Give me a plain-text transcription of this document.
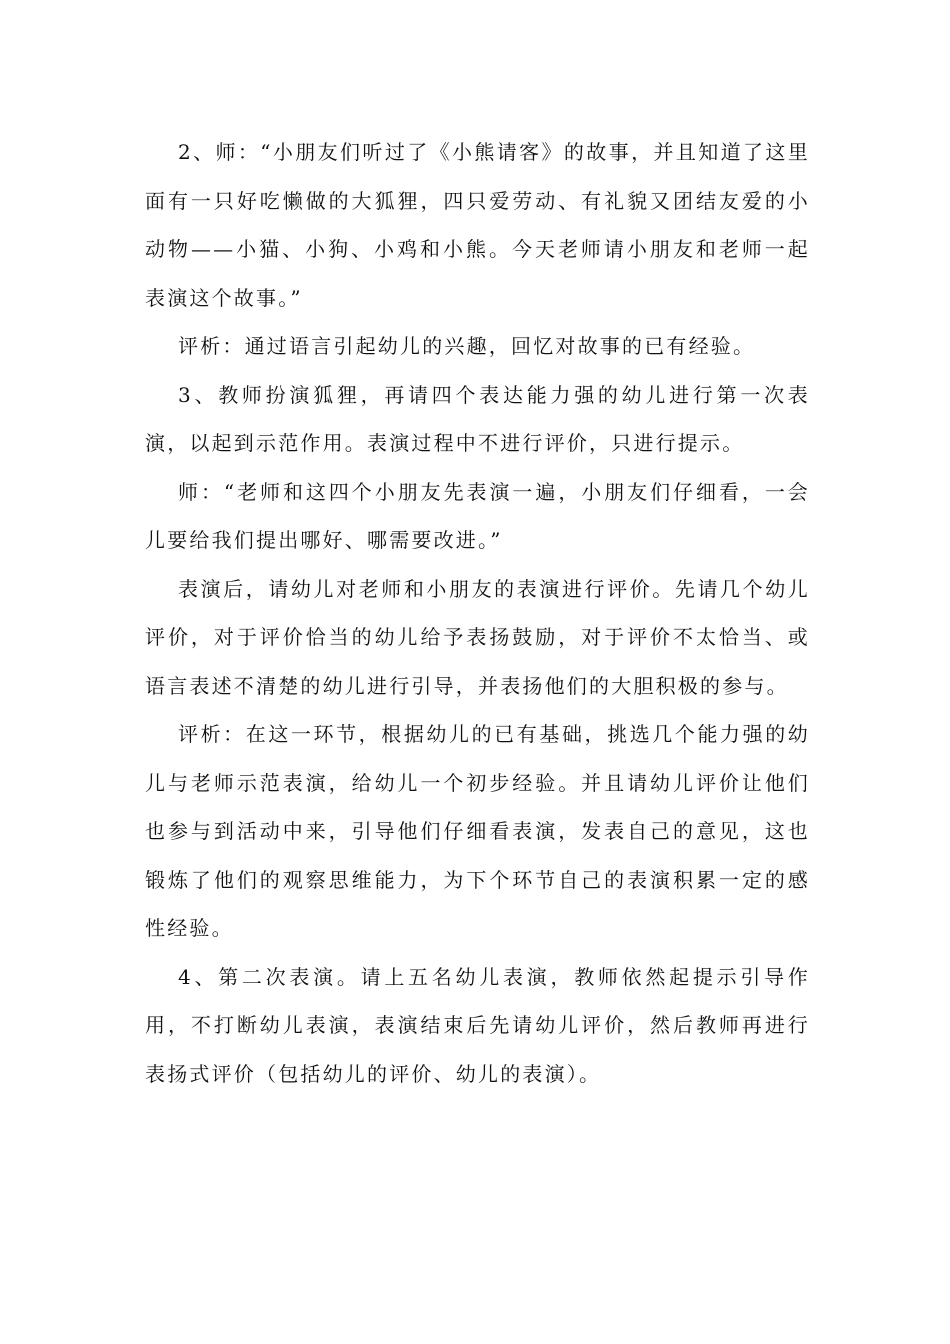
2、师：“小朋友们听过了《小熊请客》的故事，并且知道了这里面有一只好吃懒做的大狐狸，四只爱劳动、有礼貌又团结友爱的小动物——小猫、小狗、小鸡和小熊。今天老师请小朋友和老师一起表演这个故事。”

评析：通过语言引起幼儿的兴趣，回忆对故事的已有经验。

3、教师扮演狐狸，再请四个表达能力强的幼儿进行第一次表演，以起到示范作用。表演过程中不进行评价，只进行提示。

师：“老师和这四个小朋友先表演一遍，小朋友们仔细看，一会儿要给我们提出哪好、哪需要改进。”

表演后，请幼儿对老师和小朋友的表演进行评价。先请几个幼儿评价，对于评价恰当的幼儿给予表扬鼓励，对于评价不太恰当、或语言表述不清楚的幼儿进行引导，并表扬他们的大胆积极的参与。

评析：在这一环节，根据幼儿的已有基础，挑选几个能力强的幼儿与老师示范表演，给幼儿一个初步经验。并且请幼儿评价让他们也参与到活动中来，引导他们仔细看表演，发表自己的意见，这也锻炼了他们的观察思维能力，为下个环节自己的表演积累一定的感性经验。

4、第二次表演。请上五名幼儿表演，教师依然起提示引导作用，不打断幼儿表演，表演结束后先请幼儿评价，然后教师再进行表扬式评价（包括幼儿的评价、幼儿的表演）。
